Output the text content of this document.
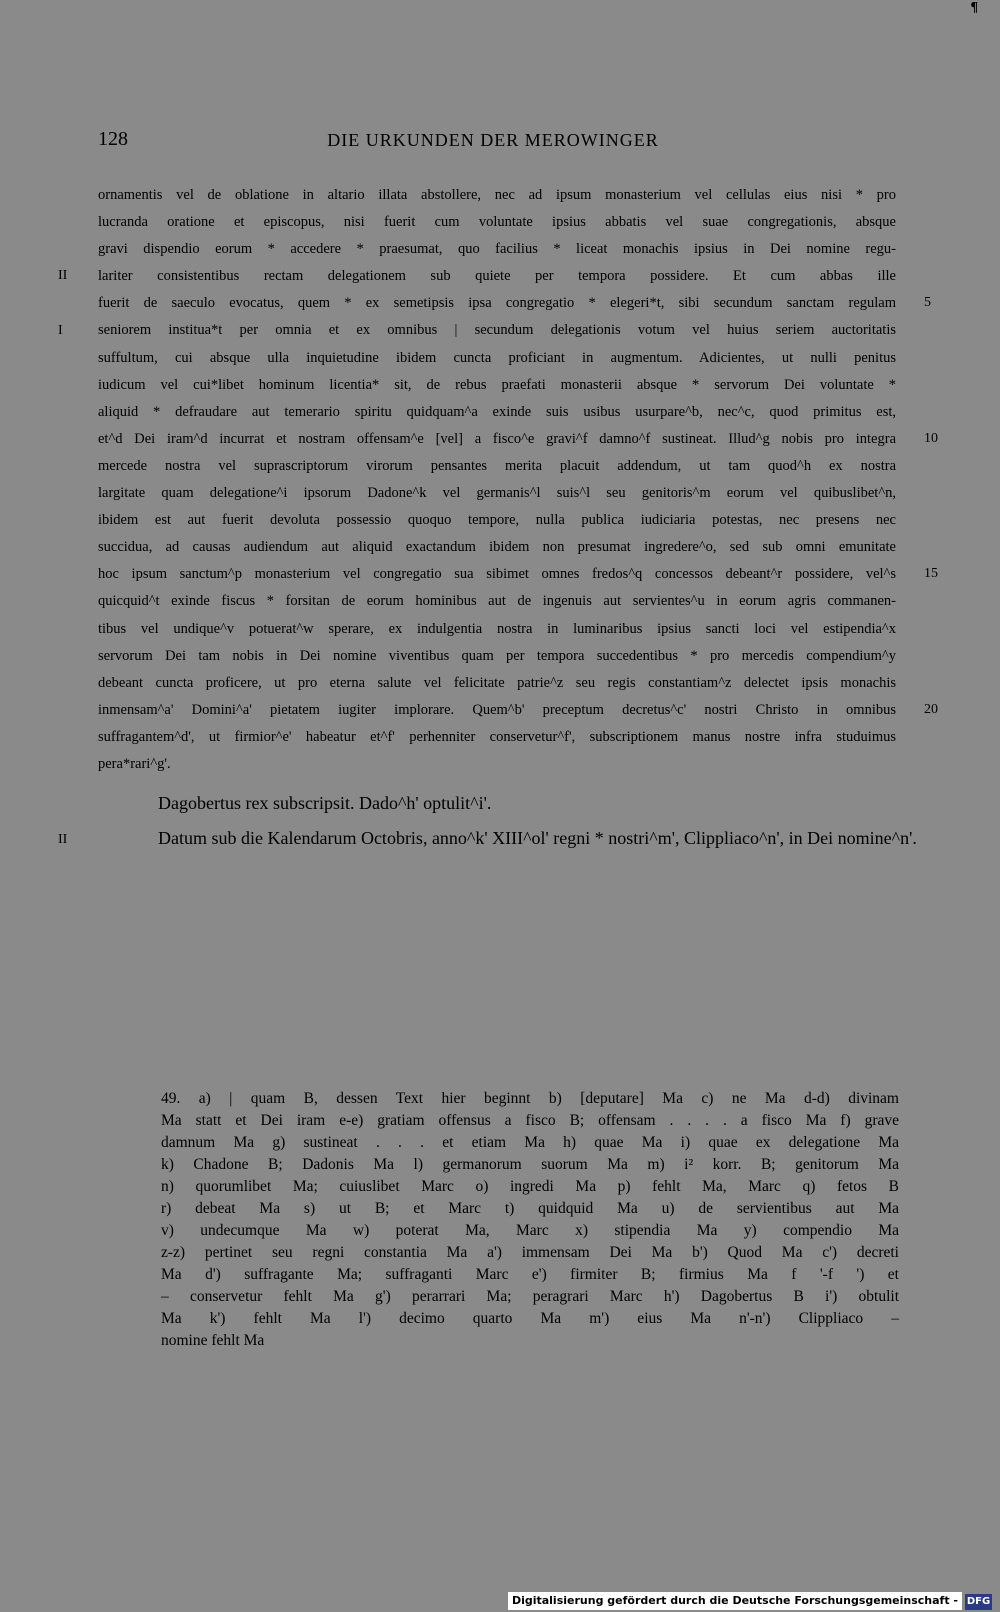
¶
128	DIE URKUNDEN DER MEROWINGER
ornamentis vel de oblatione in altario illata abstollere, nec ad ipsum monasterium vel cellulas eius nisi * pro
lucranda oratione et episcopus, nisi fuerit cum voluntate ipsius abbatis vel suae congregationis, absque
gravi dispendio eorum * accedere * praesumat, quo facilius * liceat monachis ipsius in Dei nomine regu-
lariter consistentibus rectam delegationem sub quiete per tempora possidere. Et cum abbas ille
fuerit de saeculo evocatus, quem * ex semetipsis ipsa congregatio * elegeri*t, sibi secundum sanctam regulam
seniorem institua*t per omnia et ex omnibus | secundum delegationis votum vel huius seriem auctoritatis
suffultum, cui absque ulla inquietudine ibidem cuncta proficiant in augmentum. Adicientes, ut nulli penitus
iudicum vel cui*libet hominum licentia* sit, de rebus praefati monasterii absque * servorum Dei voluntate *
aliquid * defraudare aut temerario spiritu quidquam^a exinde suis usibus usurpare^b, nec^c, quod primitus est,
et^d Dei iram^d incurrat et nostram offensam^e [vel] a fisco^e gravi^f damno^f sustineat. Illud^g nobis pro integra
mercede nostra vel suprascriptorum virorum pensantes merita placuit addendum, ut tam quod^h ex nostra
largitate quam delegatione^i ipsorum Dadone^k vel germanis^l suis^l seu genitoris^m eorum vel quibuslibet^n,
ibidem est aut fuerit devoluta possessio quoquo tempore, nulla publica iudiciaria potestas, nec presens nec
succidua, ad causas audiendum aut aliquid exactandum ibidem non presumat ingredere^o, sed sub omni emunitate
hoc ipsum sanctum^p monasterium vel congregatio sua sibimet omnes fredos^q concessos debeant^r possidere, vel^s
quicquid^t exinde fiscus * forsitan de eorum hominibus aut de ingenuis aut servientes^u in eorum agris commanen-
tibus vel undique^v potuerat^w sperare, ex indulgentia nostra in luminaribus ipsius sancti loci vel estipendia^x
servorum Dei tam nobis in Dei nomine viventibus quam per tempora succedentibus * pro mercedis compendium^y
debeant cuncta proficere, ut pro eterna salute vel felicitate patrie^z seu regis constantiam^z delectet ipsis monachis
inmensam^a' Domini^a' pietatem iugiter implorare. Quem^b' preceptum decretus^c' nostri Christo in omnibus
suffragantem^d', ut firmior^e' habeatur et^f' perhenniter conservetur^f', subscriptionem manus nostre infra studuimus
pera*rari^g'.
Dagobertus rex subscripsit. Dado^h' optulit^i'.
Datum sub die Kalendarum Octobris, anno^k' XIII^ol' regni * nostri^m', Clippliaco^n', in Dei nomine^n'.
II
I
II
5
10
15
20
49. a) | quam B, dessen Text hier beginnt b) [deputare] Ma c) ne Ma d-d) divinam
Ma statt et Dei iram e-e) gratiam offensus a fisco B; offensam . . . . a fisco Ma f) grave
damnum Ma g) sustineat . . . et etiam Ma h) quae Ma i) quae ex delegatione Ma
k) Chadone B; Dadonis Ma l) germanorum suorum Ma m) i² korr. B; genitorum Ma
n) quorumlibet Ma; cuiuslibet Marc o) ingredi Ma p) fehlt Ma, Marc q) fetos B
r) debeat Ma s) ut B; et Marc t) quidquid Ma u) de servientibus aut Ma
v) undecumque Ma w) poterat Ma, Marc x) stipendia Ma y) compendio Ma
z-z) pertinet seu regni constantia Ma a') immensam Dei Ma b') Quod Ma c') decreti
Ma d') suffragante Ma; suffraganti Marc e') firmiter B; firmius Ma f '-f ') et
– conservetur fehlt Ma g') perarrari Ma; peragrari Marc h') Dagobertus B i') obtulit
Ma k') fehlt Ma l') decimo quarto Ma m') eius Ma n'-n') Clippliaco –
nomine fehlt Ma
Digitalisierung gefördert durch die Deutsche Forschungsgemeinschaft - DFG
